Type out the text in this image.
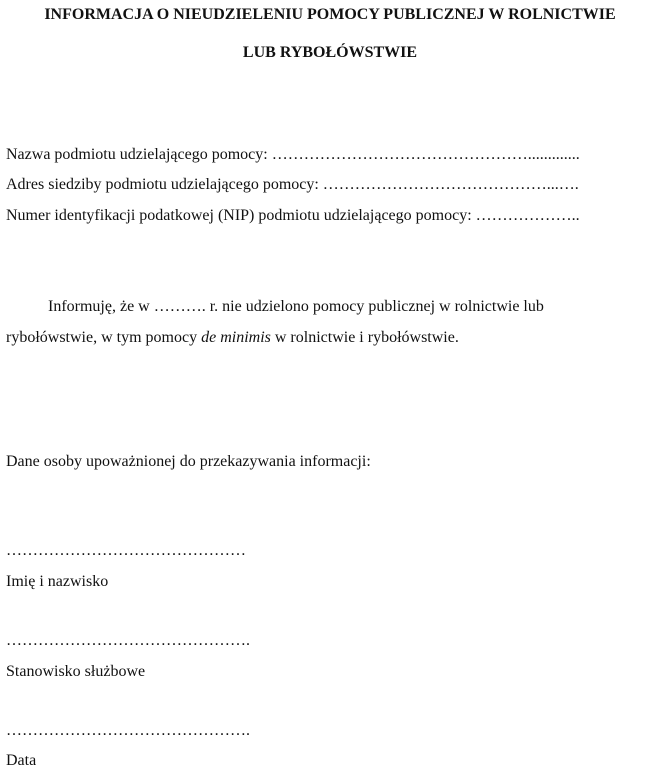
INFORMACJA O NIEUDZIELENIU POMOCY PUBLICZNEJ W ROLNICTWIE
LUB RYBOŁÓWSTWIE
Nazwa podmiotu udzielającego pomocy: ………………………………………….............
Adres siedziby podmiotu udzielającego pomocy: ……………………………………...….
Numer identyfikacji podatkowej (NIP) podmiotu udzielającego pomocy: ………………..
Informuję, że w ………. r. nie udzielono pomocy publicznej w rolnictwie lub
rybołówstwie, w tym pomocy de minimis w rolnictwie i rybołówstwie.
Dane osoby upoważnionej do przekazywania informacji:
………………………………………
Imię i nazwisko
……………………………………….
Stanowisko służbowe
……………………………………….
Data
